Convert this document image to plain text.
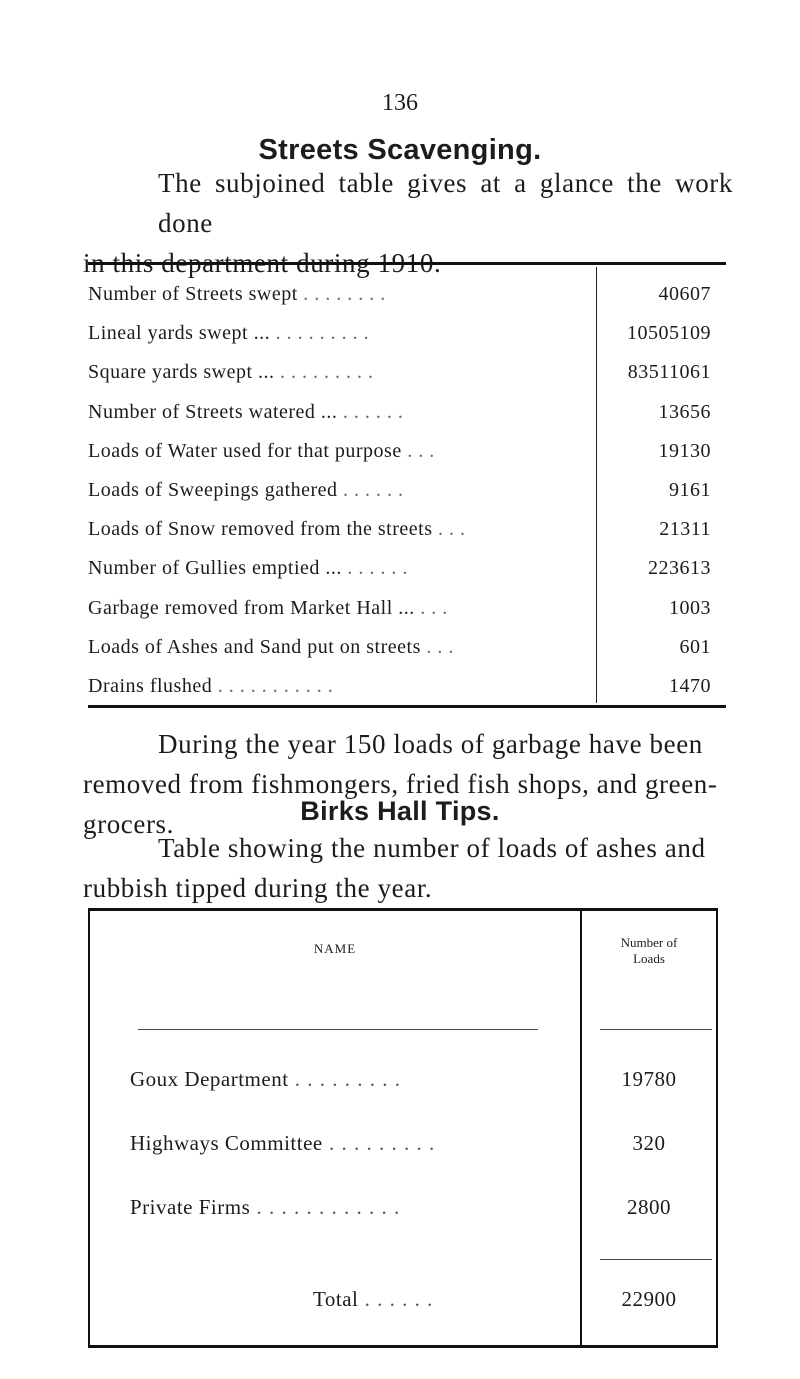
136
Streets Scavenging.
The subjoined table gives at a glance the work done
in this department during 1910.
Number of Streets swept . . . . . . . .	40607
Lineal yards swept ... . . . . . . . . .	10505109
Square yards swept ... . . . . . . . . .	83511061
Number of Streets watered ... . . . . . .	13656
Loads of Water used for that purpose . . .	19130
Loads of Sweepings gathered . . . . . .	9161
Loads of Snow removed from the streets . . .	21311
Number of Gullies emptied ... . . . . . .	223613
Garbage removed from Market Hall ... . . .	1003
Loads of Ashes and Sand put on streets . . .	601
Drains flushed . . . . . . . . . . .	1470
During the year 150 loads of garbage have been
removed from fishmongers, fried fish shops, and green-
grocers.	Birks Hall Tips.
Table showing the number of loads of ashes and
rubbish tipped during the year.
NAME	Number of
Loads
Goux Department . . . . . . . . .	19780
Highways Committee . . . . . . . . .	320
Private Firms . . . . . . . . . . . .	2800
Total . . . . . .	22900
